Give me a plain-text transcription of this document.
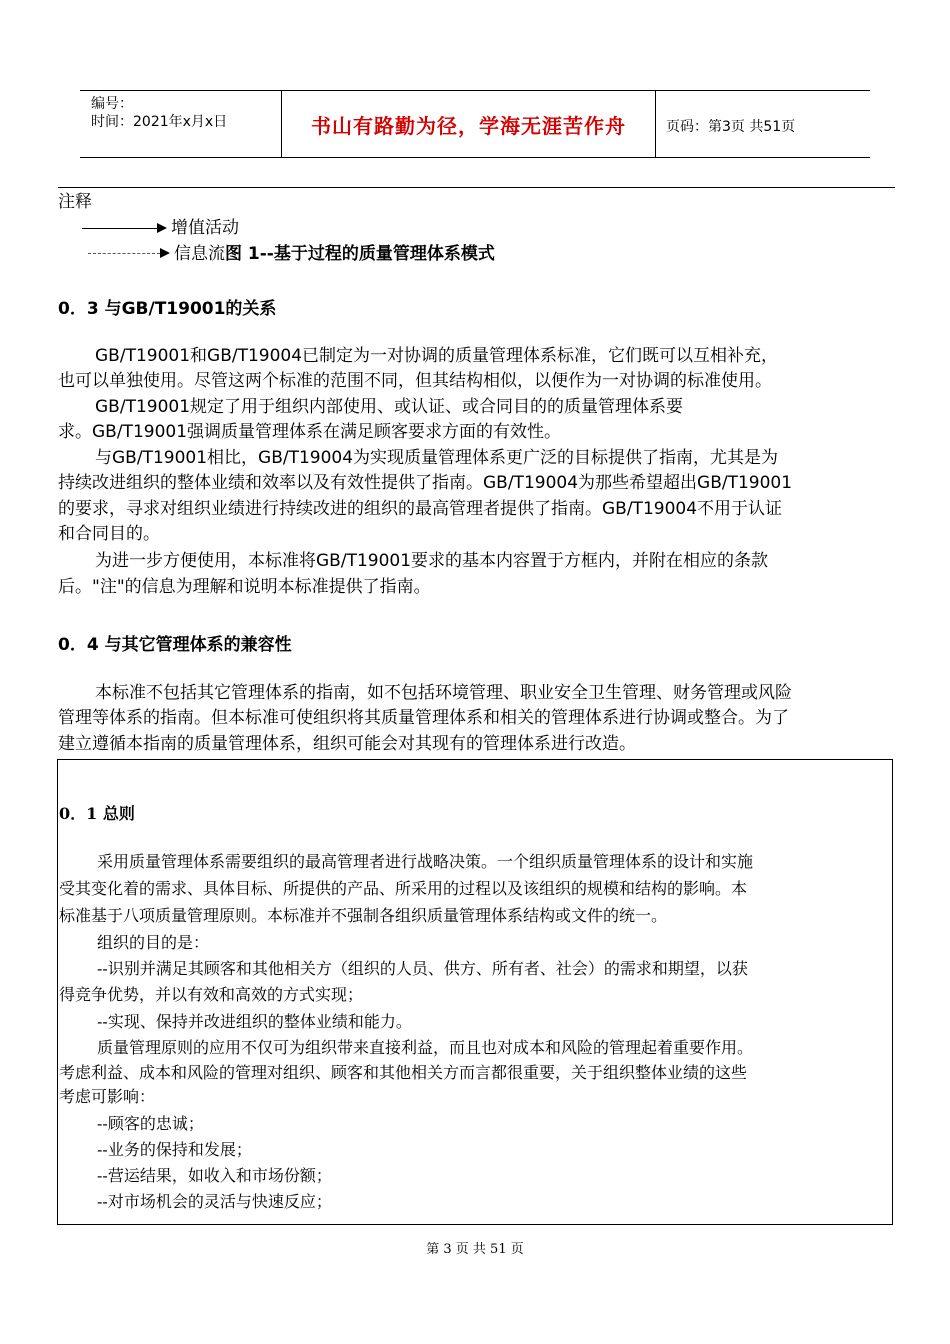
编号：
时间：2021年x月x日	书山有路勤为径，学海无涯苦作舟	页码：第3页 共51页
注释
增值活动
信息流图 1--基于过程的质量管理体系模式
0．3 与GB/T19001的关系
GB/T19001和GB/T19004已制定为一对协调的质量管理体系标准，它们既可以互相补充，
也可以单独使用。尽管这两个标准的范围不同，但其结构相似，以便作为一对协调的标准使用。
GB/T19001规定了用于组织内部使用、或认证、或合同目的的质量管理体系要
求。GB/T19001强调质量管理体系在满足顾客要求方面的有效性。
与GB/T19001相比，GB/T19004为实现质量管理体系更广泛的目标提供了指南，尤其是为
持续改进组织的整体业绩和效率以及有效性提供了指南。GB/T19004为那些希望超出GB/T19001
的要求，寻求对组织业绩进行持续改进的组织的最高管理者提供了指南。GB/T19004不用于认证
和合同目的。
为进一步方便使用，本标准将GB/T19001要求的基本内容置于方框内，并附在相应的条款
后。"注"的信息为理解和说明本标准提供了指南。
0．4 与其它管理体系的兼容性
本标准不包括其它管理体系的指南，如不包括环境管理、职业安全卫生管理、财务管理或风险
管理等体系的指南。但本标准可使组织将其质量管理体系和相关的管理体系进行协调或整合。为了
建立遵循本指南的质量管理体系，组织可能会对其现有的管理体系进行改造。
0．1 总则
采用质量管理体系需要组织的最高管理者进行战略决策。一个组织质量管理体系的设计和实施
受其变化着的需求、具体目标、所提供的产品、所采用的过程以及该组织的规模和结构的影响。本
标准基于八项质量管理原则。本标准并不强制各组织质量管理体系结构或文件的统一。
组织的目的是：
--识别并满足其顾客和其他相关方（组织的人员、供方、所有者、社会）的需求和期望，以获
得竞争优势，并以有效和高效的方式实现；
--实现、保持并改进组织的整体业绩和能力。
质量管理原则的应用不仅可为组织带来直接利益，而且也对成本和风险的管理起着重要作用。
考虑利益、成本和风险的管理对组织、顾客和其他相关方而言都很重要，关于组织整体业绩的这些
考虑可影响：
--顾客的忠诚；
--业务的保持和发展；
--营运结果，如收入和市场份额；
--对市场机会的灵活与快速反应；
第 3 页 共 51 页
